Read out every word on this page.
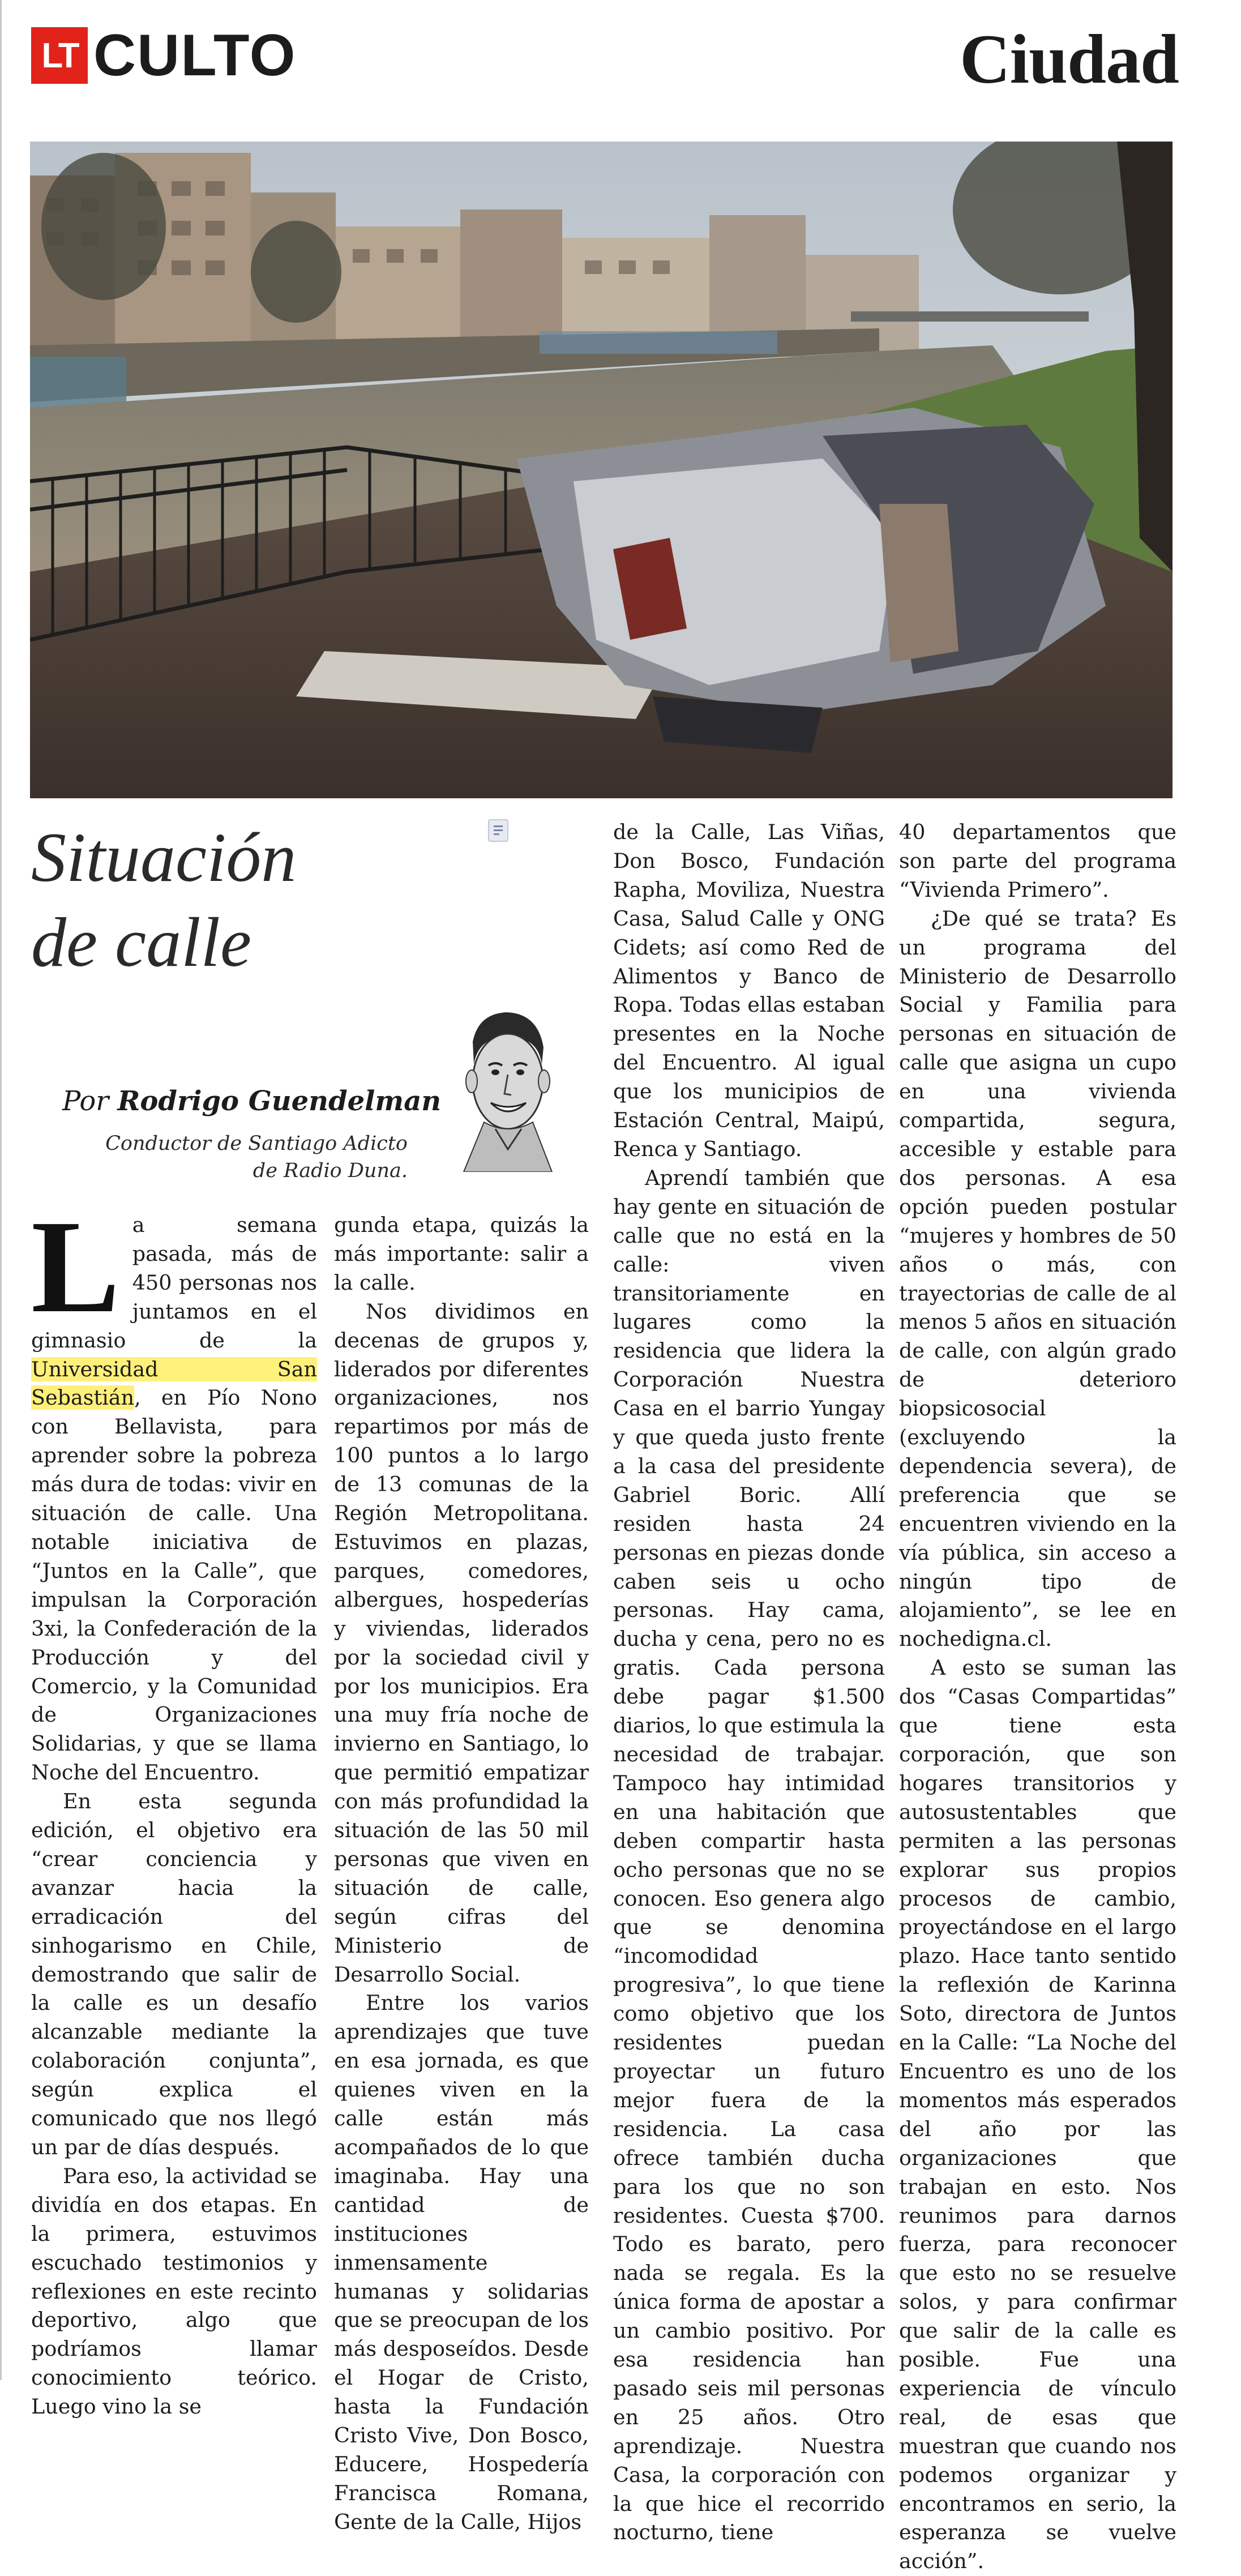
LT CULTO	Ciudad
Situación
de calle
Por Rodrigo Guendelman
Conductor de Santiago Adicto
de Radio Duna.

La semana pasada, más de 450 personas nos juntamos en el gimnasio de la Universidad San Sebastián, en Pío Nono con Bellavista, para aprender sobre la pobreza más dura de todas: vivir en situación de calle. Una notable iniciativa de “Juntos en la Calle”, que impulsan la Corporación 3xi, la Confederación de la Producción y del Comercio, y la Comunidad de Organizaciones Solidarias, y que se llama Noche del Encuentro.

En esta segunda edición, el objetivo era “crear conciencia y avanzar hacia la erradicación del sinhogarismo en Chile, demostrando que salir de la calle es un desafío alcanzable mediante la colaboración conjunta”, según explica el comunicado que nos llegó un par de días después.

Para eso, la actividad se dividía en dos etapas. En la primera, estuvimos escuchado testimonios y reflexiones en este recinto deportivo, algo que podríamos llamar conocimiento teórico. Luego vino la se

gunda etapa, quizás la más importante: salir a la calle.

Nos dividimos en decenas de grupos y, liderados por diferentes organizaciones, nos repartimos por más de 100 puntos a lo largo de 13 comunas de la Región Metropolitana. Estuvimos en plazas, parques, comedores, albergues, hospederías y viviendas, liderados por la sociedad civil y por los municipios. Era una muy fría noche de invierno en Santiago, lo que permitió empatizar con más profundidad la situación de las 50 mil personas que viven en situación de calle, según cifras del Ministerio de Desarrollo Social.

Entre los varios aprendizajes que tuve en esa jornada, es que quienes viven en la calle están más acompañados de lo que imaginaba. Hay una cantidad de instituciones inmensamente humanas y solidarias que se preocupan de los más desposeídos. Desde el Hogar de Cristo, hasta la Fundación Cristo Vive, Don Bosco, Educere, Hospedería Francisca Romana, Gente de la Calle, Hijos

de la Calle, Las Viñas, Don Bosco, Fundación Rapha, Moviliza, Nuestra Casa, Salud Calle y ONG Cidets; así como Red de Alimentos y Banco de Ropa. Todas ellas estaban presentes en la Noche del Encuentro. Al igual que los municipios de Estación Central, Maipú, Renca y Santiago.

Aprendí también que hay gente en situación de calle que no está en la calle: viven transitoriamente en lugares como la residencia que lidera la Corporación Nuestra Casa en el barrio Yungay y que queda justo frente a la casa del presidente Gabriel Boric. Allí residen hasta 24 personas en piezas donde caben seis u ocho personas. Hay cama, ducha y cena, pero no es gratis. Cada persona debe pagar $1.500 diarios, lo que estimula la necesidad de trabajar. Tampoco hay intimidad en una habitación que deben compartir hasta ocho personas que no se conocen. Eso genera algo que se denomina “incomodidad progresiva”, lo que tiene como objetivo que los residentes puedan proyectar un futuro mejor fuera de la residencia. La casa ofrece también ducha para los que no son residentes. Cuesta $700. Todo es barato, pero nada se regala. Es la única forma de apostar a un cambio positivo. Por esa residencia han pasado seis mil personas en 25 años. Otro aprendizaje. Nuestra Casa, la corporación con la que hice el recorrido nocturno, tiene

40 departamentos que son parte del programa “Vivienda Primero”.

¿De qué se trata? Es un programa del Ministerio de Desarrollo Social y Familia para personas en situación de calle que asigna un cupo en una vivienda compartida, segura, accesible y estable para dos personas. A esa opción pueden postular “mujeres y hombres de 50 años o más, con trayectorias de calle de al menos 5 años en situación de calle, con algún grado de deterioro biopsicosocial (excluyendo la dependencia severa), de preferencia que se encuentren viviendo en la vía pública, sin acceso a ningún tipo de alojamiento”, se lee en nochedigna.cl.

A esto se suman las dos “Casas Compartidas” que tiene esta corporación, que son hogares transitorios y autosustentables que permiten a las personas explorar sus propios procesos de cambio, proyectándose en el largo plazo. Hace tanto sentido la reflexión de Karinna Soto, directora de Juntos en la Calle: “La Noche del Encuentro es uno de los momentos más esperados del año por las organizaciones que trabajan en esto. Nos reunimos para darnos fuerza, para reconocer que esto no se resuelve solos, y para confirmar que salir de la calle es posible. Fue una experiencia de vínculo real, de esas que muestran que cuando nos podemos organizar y encontramos en serio, la esperanza se vuelve acción”.
